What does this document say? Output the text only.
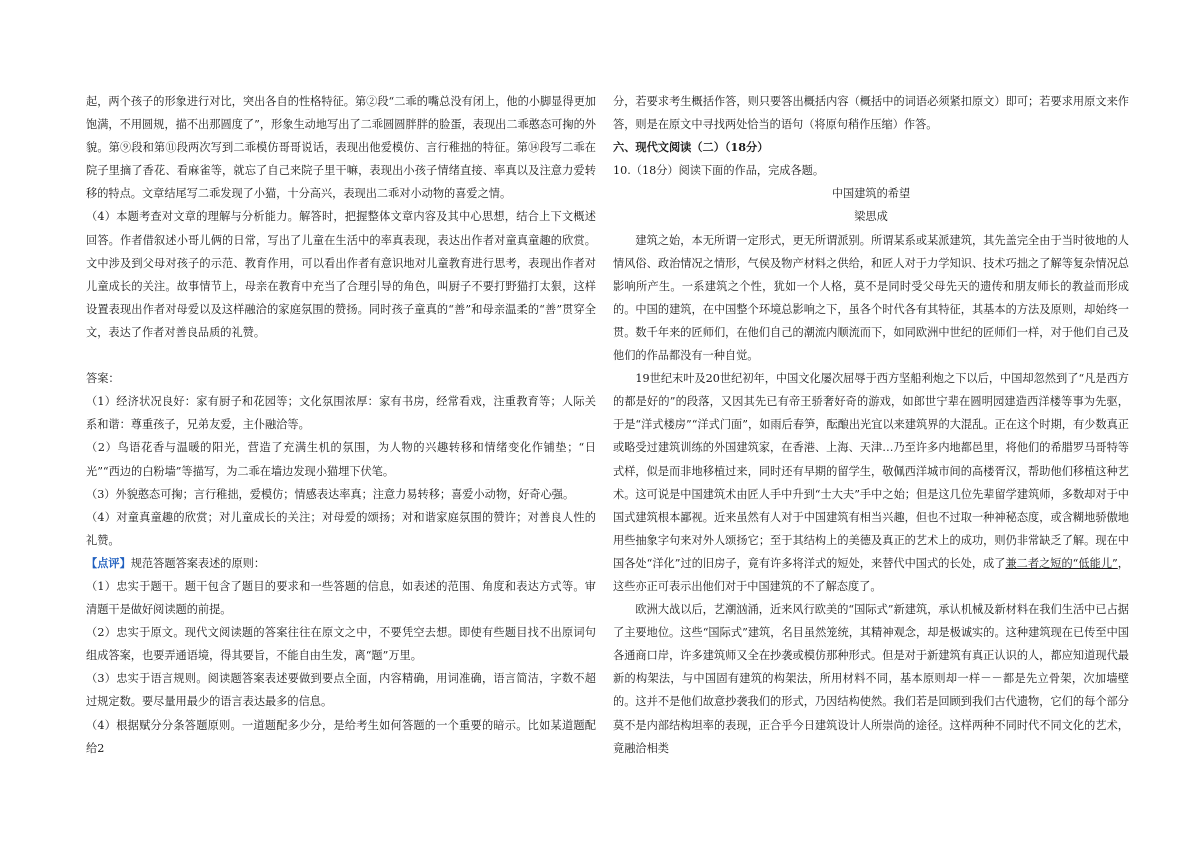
起，两个孩子的形象进行对比，突出各自的性格特征。第②段“二乖的嘴总没有闭上，他的小脚显得更加饱满，不用圆规，描不出那圆度了”，形象生动地写出了二乖圆圆胖胖的脸蛋，表现出二乖憨态可掬的外貌。第⑨段和第⑪段两次写到二乖模仿哥哥说话，表现出他爱模仿、言行稚拙的特征。第⑭段写二乖在院子里摘了香花、看麻雀等，就忘了自己来院子里干嘛，表现出小孩子情绪直接、率真以及注意力爱转移的特点。文章结尾写二乖发现了小猫，十分高兴，表现出二乖对小动物的喜爱之情。

（4）本题考查对文章的理解与分析能力。解答时，把握整体文章内容及其中心思想，结合上下文概述回答。作者借叙述小哥儿俩的日常，写出了儿童在生活中的率真表现，表达出作者对童真童趣的欣赏。文中涉及到父母对孩子的示范、教育作用，可以看出作者有意识地对儿童教育进行思考，表现出作者对儿童成长的关注。故事情节上，母亲在教育中充当了合理引导的角色，叫厨子不要打野猫打太狠，这样设置表现出作者对母爱以及这样融洽的家庭氛围的赞扬。同时孩子童真的“善”和母亲温柔的“善”贯穿全文，表达了作者对善良品质的礼赞。

答案：

（1）经济状况良好：家有厨子和花园等；文化氛围浓厚：家有书房，经常看戏，注重教育等；人际关系和谐：尊重孩子，兄弟友爱，主仆融洽等。

（2）鸟语花香与温暖的阳光，营造了充满生机的氛围，为人物的兴趣转移和情绪变化作铺垫；“日光”“西边的白粉墙”等描写，为二乖在墙边发现小猫埋下伏笔。

（3）外貌憨态可掬；言行稚拙，爱模仿；情感表达率真；注意力易转移；喜爱小动物，好奇心强。

（4）对童真童趣的欣赏；对儿童成长的关注；对母爱的颂扬；对和谐家庭氛围的赞许；对善良人性的礼赞。

【点评】规范答题答案表述的原则：

（1）忠实于题干。题干包含了题目的要求和一些答题的信息，如表述的范围、角度和表达方式等。审清题干是做好阅读题的前提。

（2）忠实于原文。现代文阅读题的答案往往在原文之中，不要凭空去想。即使有些题目找不出原词句组成答案，也要弄通语境，得其要旨，不能自由生发，离“题”万里。

（3）忠实于语言规则。阅读题答案表述要做到要点全面，内容精确，用词准确，语言简洁，字数不超过规定数。要尽量用最少的语言表达最多的信息。

（4）根据赋分分条答题原则。一道题配多少分，是给考生如何答题的一个重要的暗示。比如某道题配给2

分，若要求考生概括作答，则只要答出概括内容（概括中的词语必须紧扣原文）即可；若要求用原文来作答，则是在原文中寻找两处恰当的语句（将原句稍作压缩）作答。

六、现代文阅读（二）（18分）

10.（18分）阅读下面的作品，完成各题。

中国建筑的希望

梁思成

建筑之始，本无所谓一定形式，更无所谓派别。所谓某系或某派建筑，其先盖完全由于当时彼地的人情风俗、政治情况之情形，气侯及物产材料之供给，和匠人对于力学知识、技术巧拙之了解等复杂情况总影响所产生。一系建筑之个性，犹如一个人格，莫不是同时受父母先天的遗传和朋友师长的教益而形成的。中国的建筑，在中国整个环境总影响之下，虽各个时代各有其特征，其基本的方法及原则，却始终一贯。数千年来的匠师们，在他们自己的潮流内顺流而下，如同欧洲中世纪的匠师们一样，对于他们自己及他们的作品都没有一种自觉。

19世纪末叶及20世纪初年，中国文化屡次屈辱于西方坚船利炮之下以后，中国却忽然到了“凡是西方的都是好的”的段落，又因其先已有帝王骄奢好奇的游戏，如郎世宁辈在圆明园建造西洋楼等事为先驱，于是“洋式楼房”“洋式门面”，如雨后春笋，酝酿出光宜以来建筑界的大混乱。正在这个时期，有少数真正或略受过建筑训练的外国建筑家，在香港、上海、天津…乃至许多内地都邑里，将他们的希腊罗马哥特等式样，似是而非地移植过来，同时还有早期的留学生，敬佩西洋城市间的高楼胥汉，帮助他们移植这种艺术。这可说是中国建筑术由匠人手中升到“士大夫”手中之始；但是这几位先辈留学建筑师，多数却对于中国式建筑根本鄙视。近来虽然有人对于中国建筑有相当兴趣，但也不过取一种神秘态度，或含糊地骄傲地用些抽象字句来对外人颂扬它；至于其结构上的美德及真正的艺术上的成功，则仍非常缺乏了解。现在中国各处“洋化”过的旧房子，竟有许多将洋式的短处，来替代中国式的长处，成了兼二者之短的“低能儿”，这些亦正可表示出他们对于中国建筑的不了解态度了。

欧洲大战以后，艺潮汹涌，近来风行欧美的“国际式”新建筑，承认机械及新材料在我们生活中已占据了主要地位。这些“国际式”建筑，名目虽然笼统，其精神观念，却是极诚实的。这种建筑现在已传至中国各通商口岸，许多建筑师又全在抄袭或模仿那种形式。但是对于新建筑有真正认识的人，都应知道现代最新的构架法，与中国固有建筑的构架法，所用材料不同，基本原则却一样－－都是先立骨架，次加墙壁的。这并不是他们故意抄袭我们的形式，乃因结构使然。我们若是回顾到我们古代遗物，它们的每个部分莫不是内部结构坦率的表现，正合乎今日建筑设计人所崇尚的途径。这样两种不同时代不同文化的艺术，竟融洽相类
